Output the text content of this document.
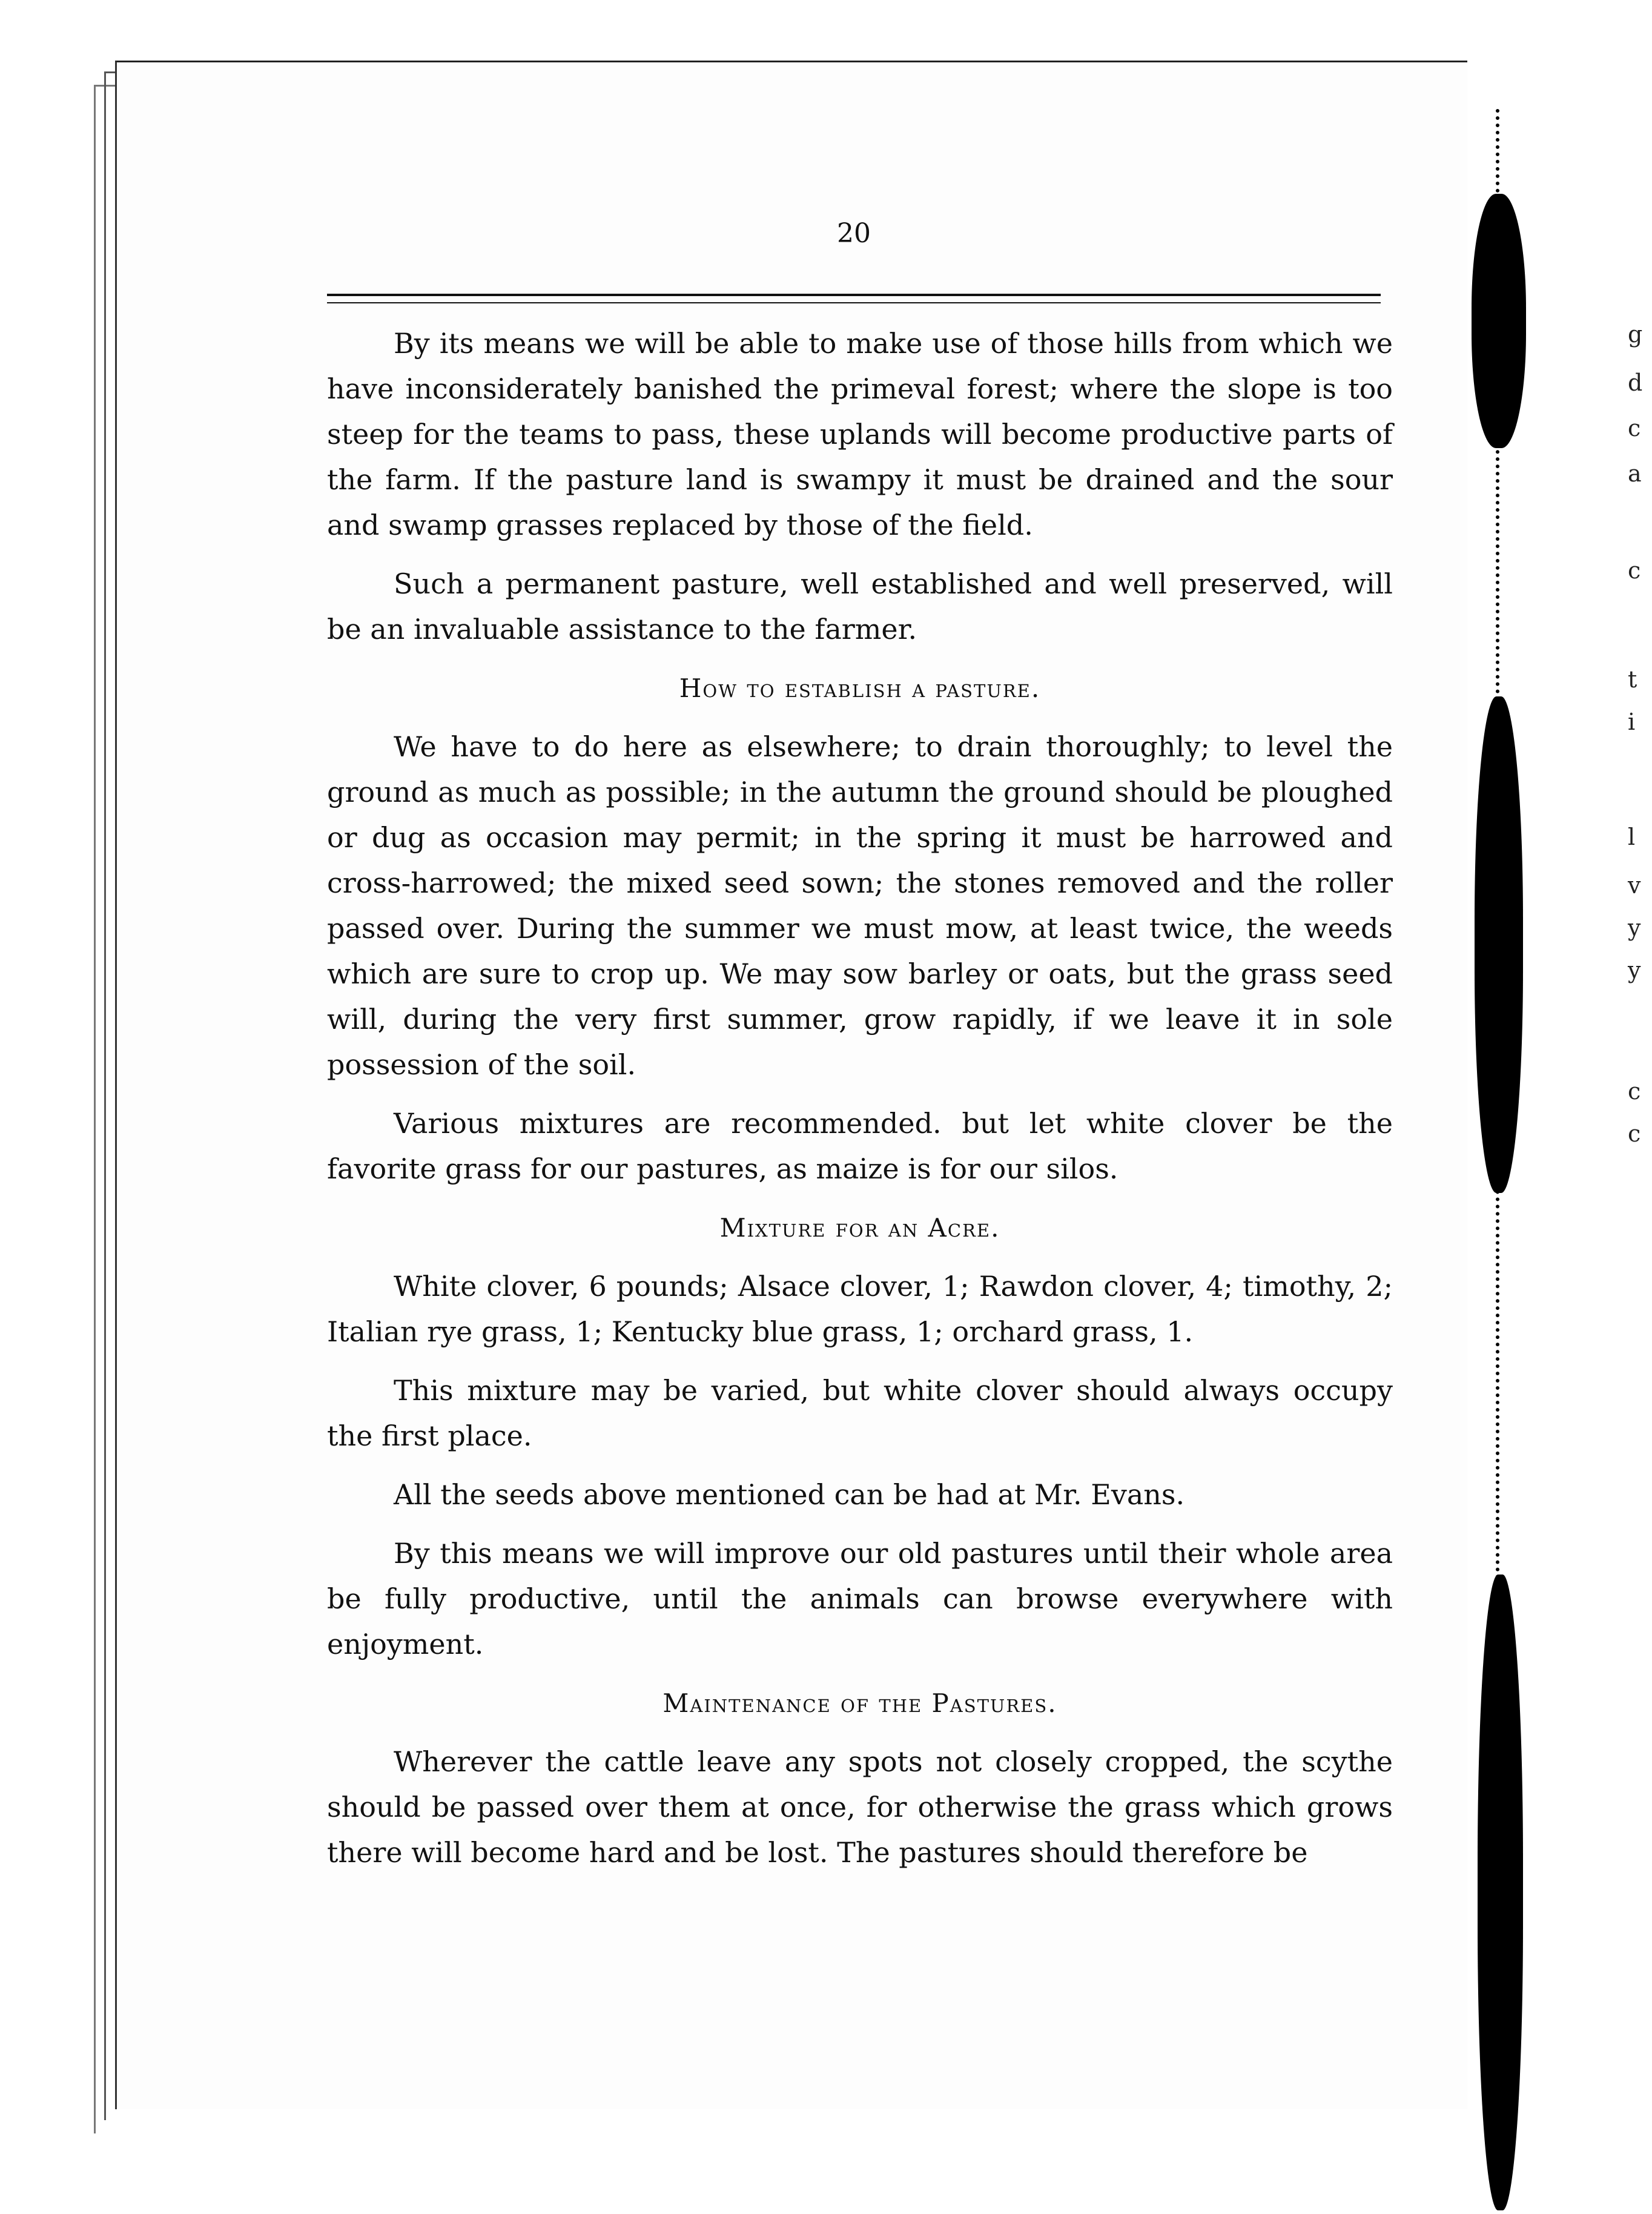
g
d
c
a
c
t
i
l
v
y
y
c
c
20

By its means we will be able to make use of those hills from which we have inconsiderately banished the primeval forest; where the slope is too steep for the teams to pass, these uplands will become productive parts of the farm. If the pasture land is swampy it must be drained and the sour and swamp grasses replaced by those of the field.

Such a permanent pasture, well established and well preserved, will be an invaluable assistance to the farmer.

How to establish a pasture.

We have to do here as elsewhere; to drain thoroughly; to level the ground as much as possible; in the autumn the ground should be ploughed or dug as occasion may permit; in the spring it must be harrowed and cross-harrowed; the mixed seed sown; the stones removed and the roller passed over. During the summer we must mow, at least twice, the weeds which are sure to crop up. We may sow barley or oats, but the grass seed will, during the very first summer, grow rapidly, if we leave it in sole possession of the soil.

Various mixtures are recommended. but let white clover be the favorite grass for our pastures, as maize is for our silos.

Mixture for an Acre.

White clover, 6 pounds; Alsace clover, 1; Rawdon clover, 4; timothy, 2; Italian rye grass, 1; Kentucky blue grass, 1; orchard grass, 1.

This mixture may be varied, but white clover should always occupy the first place.

All the seeds above mentioned can be had at Mr. Evans.

By this means we will improve our old pastures until their whole area be fully productive, until the animals can browse everywhere with enjoyment.

Maintenance of the Pastures.

Wherever the cattle leave any spots not closely cropped, the scythe should be passed over them at once, for otherwise the grass which grows there will become hard and be lost. The pastures should therefore be
